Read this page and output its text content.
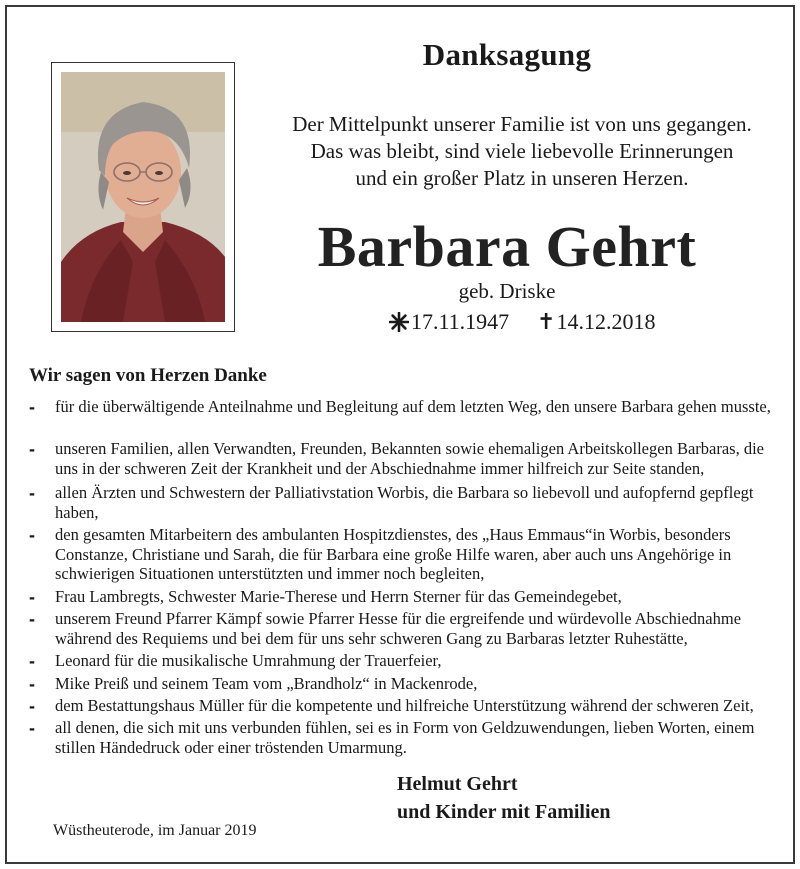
Danksagung
Der Mittelpunkt unserer Familie ist von uns gegangen.
Das was bleibt, sind viele liebevolle Erinnerungen
und ein großer Platz in unseren Herzen.
Barbara Gehrt
geb. Driske
17.11.1947 ✝ 14.12.2018
Wir sagen von Herzen Danke
- für die überwältigende Anteilnahme und Begleitung auf dem letzten Weg, den unsere Barbara gehen musste,
- unseren Familien, allen Verwandten, Freunden, Bekannten sowie ehemaligen Arbeitskollegen Barbaras, die uns in der schweren Zeit der Krankheit und der Abschiednahme immer hilfreich zur Seite standen,
- allen Ärzten und Schwestern der Palliativstation Worbis, die Barbara so liebevoll und aufopfernd gepflegt haben,
- den gesamten Mitarbeitern des ambulanten Hospitzdienstes, des „Haus Emmaus“in Worbis, besonders Constanze, Christiane und Sarah, die für Barbara eine große Hilfe waren, aber auch uns Angehörige in schwierigen Situationen unterstützten und immer noch begleiten,
- Frau Lambregts, Schwester Marie-Therese und Herrn Sterner für das Gemeindegebet,
- unserem Freund Pfarrer Kämpf sowie Pfarrer Hesse für die ergreifende und würdevolle Abschiednahme während des Requiems und bei dem für uns sehr schweren Gang zu Barbaras letzter Ruhestätte,
- Leonard für die musikalische Umrahmung der Trauerfeier,
- Mike Preiß und seinem Team vom „Brandholz“ in Mackenrode,
- dem Bestattungshaus Müller für die kompetente und hilfreiche Unterstützung während der schweren Zeit,
- all denen, die sich mit uns verbunden fühlen, sei es in Form von Geldzuwendungen, lieben Worten, einem stillen Händedruck oder einer tröstenden Umarmung.
Helmut Gehrt
und Kinder mit Familien
Wüstheuterode, im Januar 2019
